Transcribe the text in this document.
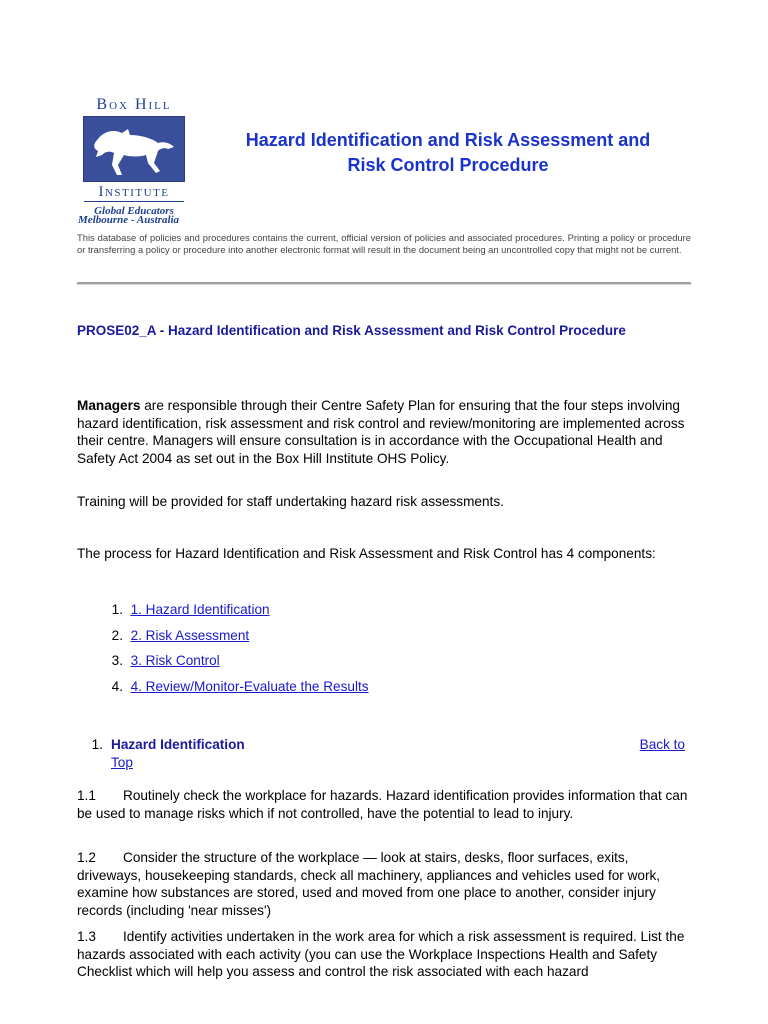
Box Hill
Institute
Global Educators
Melbourne - Australia
Hazard Identification and Risk Assessment and
Risk Control Procedure
This database of policies and procedures contains the current, official version of policies and associated procedures. Printing a policy or procedure or transferring a policy or procedure into another electronic format will result in the document being an uncontrolled copy that might not be current.
PROSE02_A - Hazard Identification and Risk Assessment and Risk Control Procedure
Managers are responsible through their Centre Safety Plan for ensuring that the four steps involving hazard identification, risk assessment and risk control and review/monitoring are implemented across their centre. Managers will ensure consultation is in accordance with the Occupational Health and Safety Act 2004 as set out in the Box Hill Institute OHS Policy.
Training will be provided for staff undertaking hazard risk assessments.
The process for Hazard Identification and Risk Assessment and Risk Control has 4 components:
1.
1. Hazard Identification
2.
2. Risk Assessment
3.
3. Risk Control
4.
4. Review/Monitor-Evaluate the Results
1. Hazard Identification	Back to
Top
1.1 Routinely check the workplace for hazards. Hazard identification provides information that can be used to manage risks which if not controlled, have the potential to lead to injury.
1.2 Consider the structure of the workplace — look at stairs, desks, floor surfaces, exits, driveways, housekeeping standards, check all machinery, appliances and vehicles used for work, examine how substances are stored, used and moved from one place to another, consider injury records (including 'near misses')
1.3 Identify activities undertaken in the work area for which a risk assessment is required. List the hazards associated with each activity (you can use the Workplace Inspections Health and Safety Checklist which will help you assess and control the risk associated with each hazard
